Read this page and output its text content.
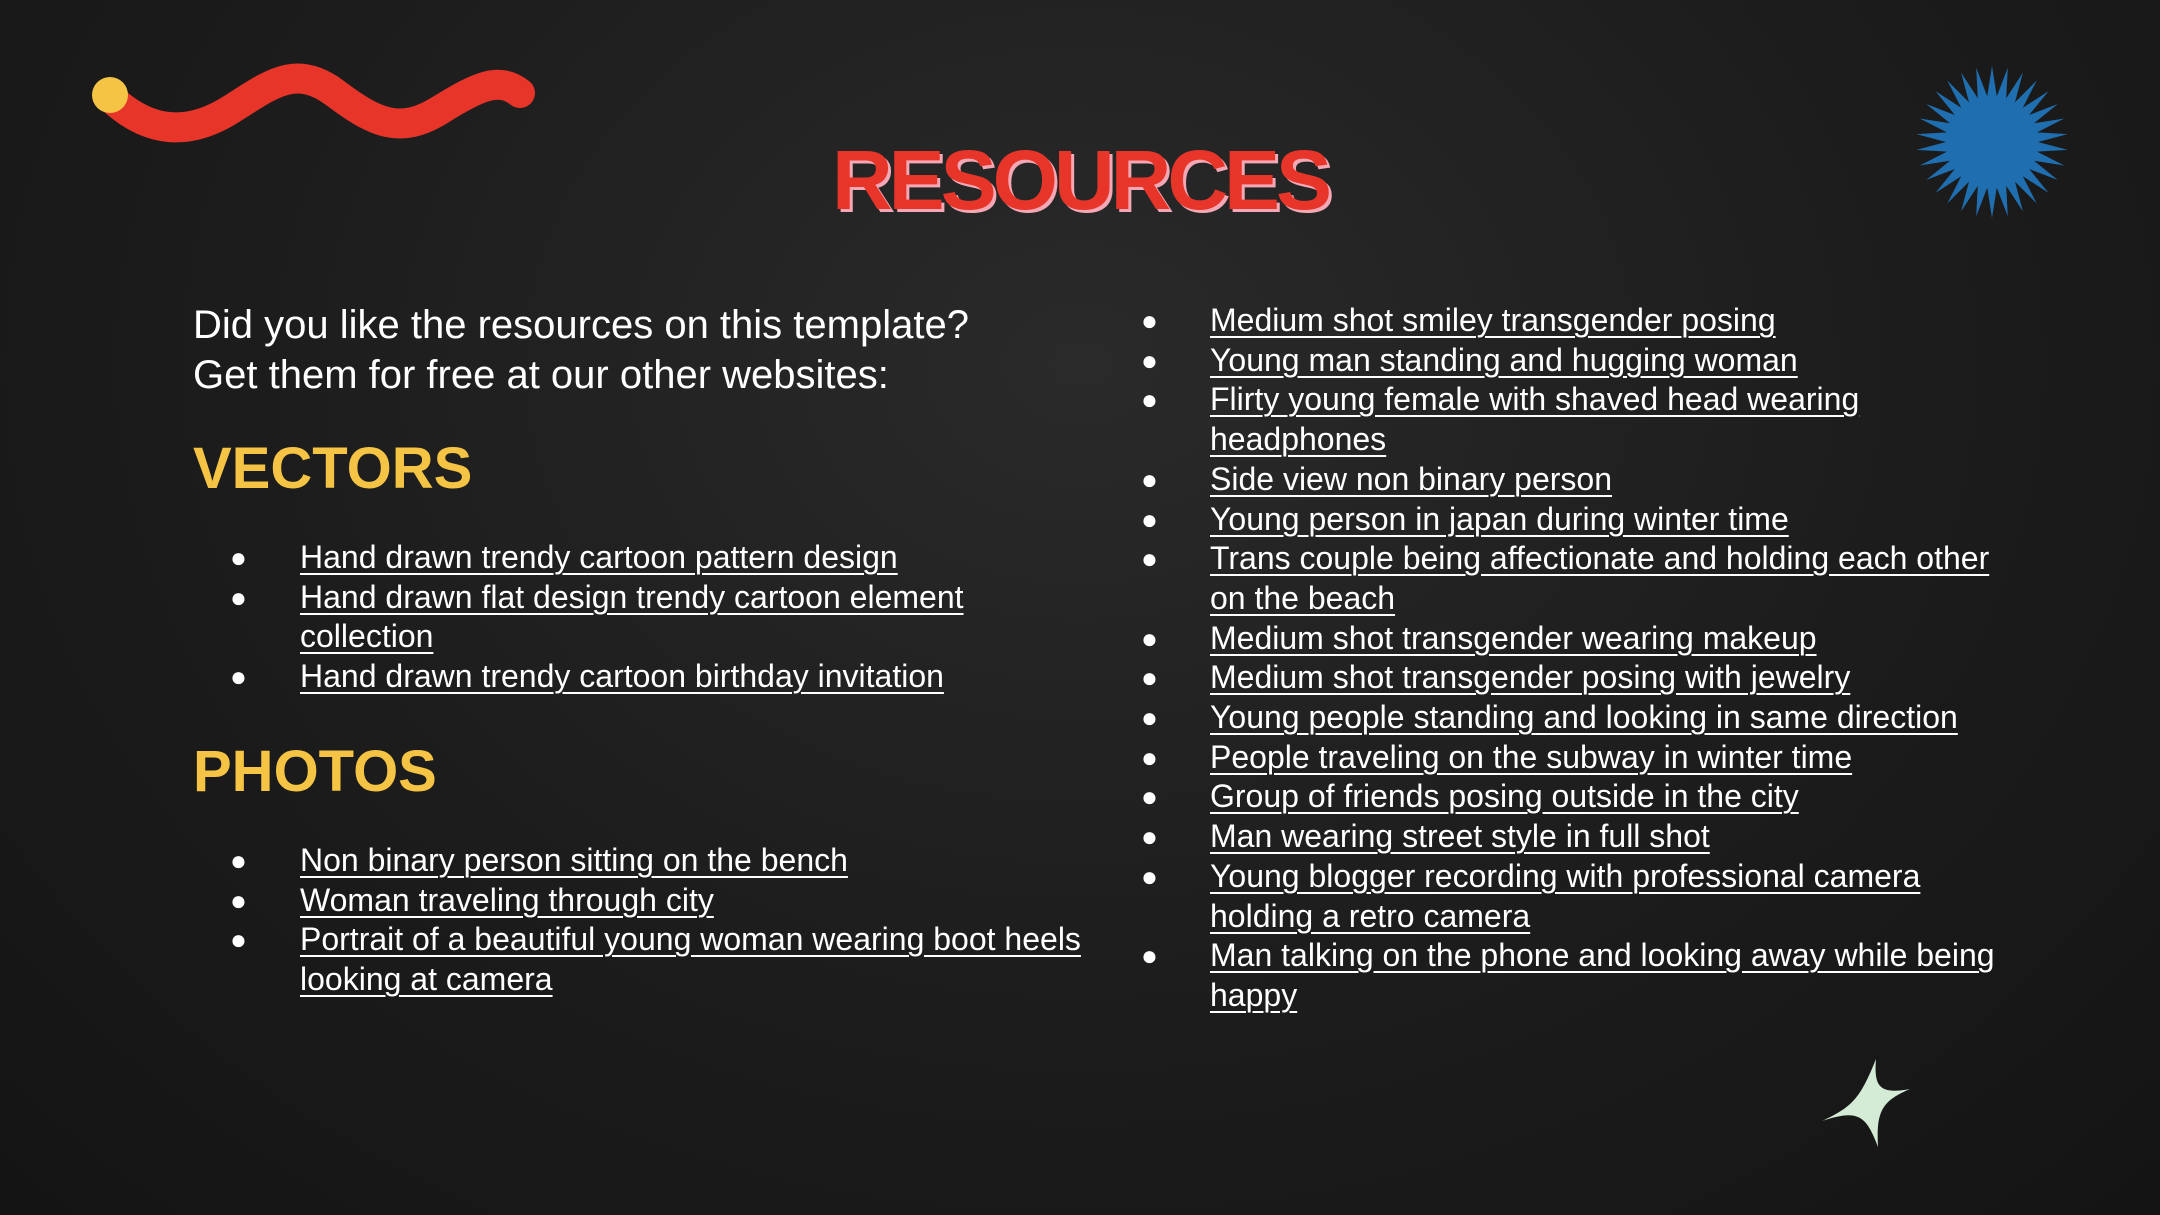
RESOURCES

Did you like the resources on this template?
Get them for free at our other websites:

VECTORS
● Hand drawn trendy cartoon pattern design
● Hand drawn flat design trendy cartoon element collection
● Hand drawn trendy cartoon birthday invitation
PHOTOS
● Non binary person sitting on the bench
● Woman traveling through city
● Portrait of a beautiful young woman wearing boot heels looking at camera
● Medium shot smiley transgender posing
● Young man standing and hugging woman
● Flirty young female with shaved head wearing headphones
● Side view non binary person
● Young person in japan during winter time
● Trans couple being affectionate and holding each other on the beach
● Medium shot transgender wearing makeup
● Medium shot transgender posing with jewelry
● Young people standing and looking in same direction
● People traveling on the subway in winter time
● Group of friends posing outside in the city
● Man wearing street style in full shot
● Young blogger recording with professional camera holding a retro camera
● Man talking on the phone and looking away while being happy
